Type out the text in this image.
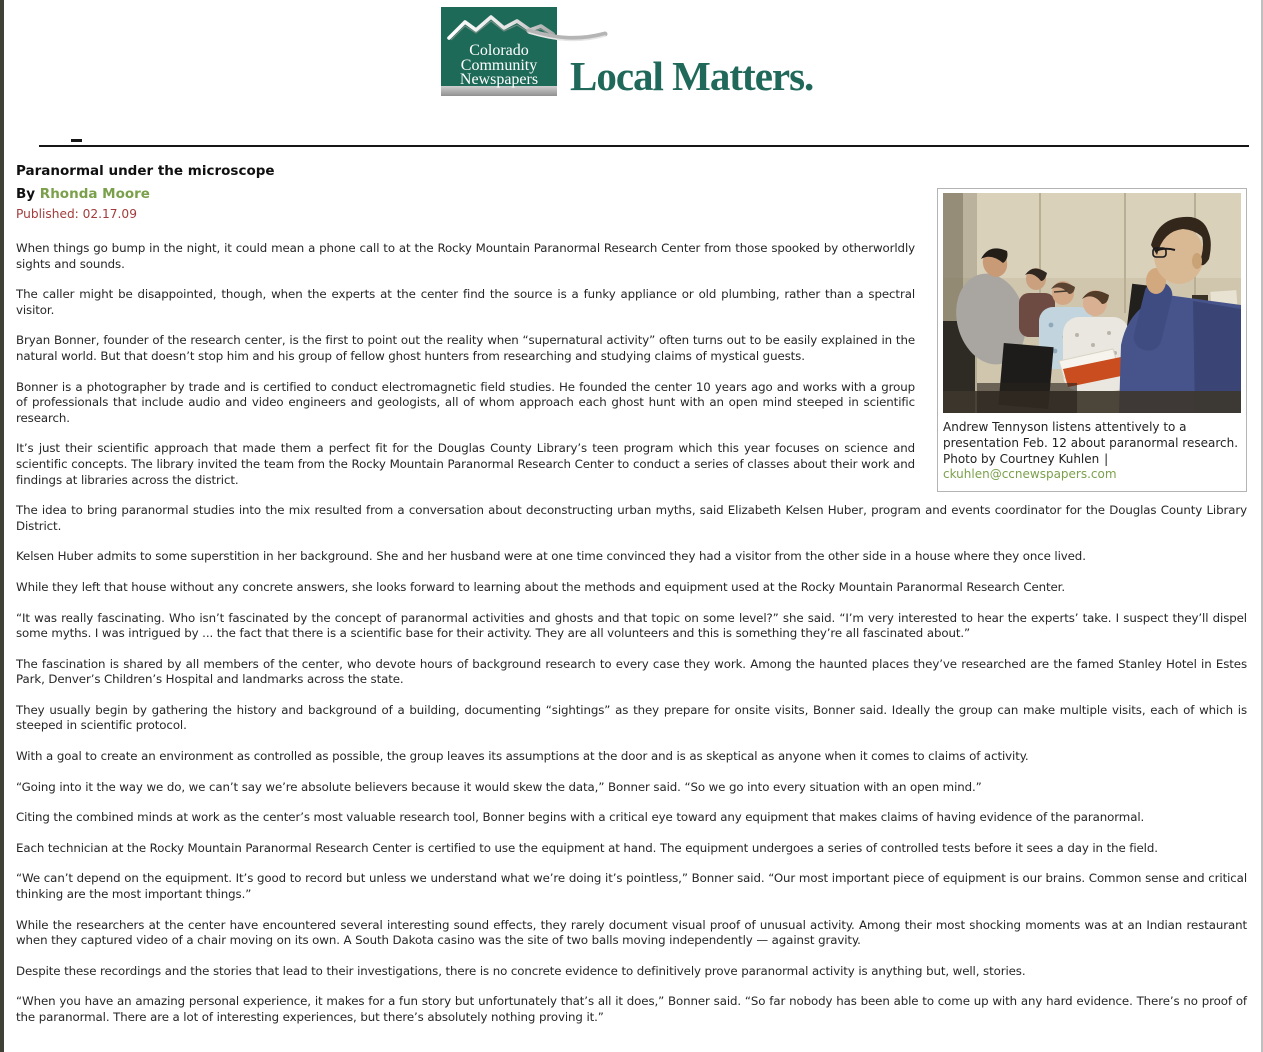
Colorado
Community
Newspapers Local Matters.
Paranormal under the microscope
Andrew Tennyson listens attentively to a presentation Feb. 12 about paranormal research. Photo by Courtney Kuhlen | ckuhlen@ccnewspapers.com
By Rhonda Moore
Published: 02.17.09

When things go bump in the night, it could mean a phone call to at the Rocky Mountain Paranormal Research Center from those spooked by otherworldly sights and sounds.

The caller might be disappointed, though, when the experts at the center find the source is a funky appliance or old plumbing, rather than a spectral visitor.

Bryan Bonner, founder of the research center, is the first to point out the reality when “supernatural activity” often turns out to be easily explained in the natural world. But that doesn’t stop him and his group of fellow ghost hunters from researching and studying claims of mystical guests.

Bonner is a photographer by trade and is certified to conduct electromagnetic field studies. He founded the center 10 years ago and works with a group of professionals that include audio and video engineers and geologists, all of whom approach each ghost hunt with an open mind steeped in scientific research.

It’s just their scientific approach that made them a perfect fit for the Douglas County Library’s teen program which this year focuses on science and scientific concepts. The library invited the team from the Rocky Mountain Paranormal Research Center to conduct a series of classes about their work and findings at libraries across the district.

The idea to bring paranormal studies into the mix resulted from a conversation about deconstructing urban myths, said Elizabeth Kelsen Huber, program and events coordinator for the Douglas County Library District.

Kelsen Huber admits to some superstition in her background. She and her husband were at one time convinced they had a visitor from the other side in a house where they once lived.

While they left that house without any concrete answers, she looks forward to learning about the methods and equipment used at the Rocky Mountain Paranormal Research Center.

“It was really fascinating. Who isn’t fascinated by the concept of paranormal activities and ghosts and that topic on some level?” she said. “I’m very interested to hear the experts’ take. I suspect they’ll dispel some myths. I was intrigued by ... the fact that there is a scientific base for their activity. They are all volunteers and this is something they’re all fascinated about.”

The fascination is shared by all members of the center, who devote hours of background research to every case they work. Among the haunted places they’ve researched are the famed Stanley Hotel in Estes Park, Denver’s Children’s Hospital and landmarks across the state.

They usually begin by gathering the history and background of a building, documenting “sightings” as they prepare for onsite visits, Bonner said. Ideally the group can make multiple visits, each of which is steeped in scientific protocol.

With a goal to create an environment as controlled as possible, the group leaves its assumptions at the door and is as skeptical as anyone when it comes to claims of activity.

“Going into it the way we do, we can’t say we’re absolute believers because it would skew the data,” Bonner said. “So we go into every situation with an open mind.”

Citing the combined minds at work as the center’s most valuable research tool, Bonner begins with a critical eye toward any equipment that makes claims of having evidence of the paranormal.

Each technician at the Rocky Mountain Paranormal Research Center is certified to use the equipment at hand. The equipment undergoes a series of controlled tests before it sees a day in the field.

“We can’t depend on the equipment. It’s good to record but unless we understand what we’re doing it’s pointless,” Bonner said. “Our most important piece of equipment is our brains. Common sense and critical thinking are the most important things.”

While the researchers at the center have encountered several interesting sound effects, they rarely document visual proof of unusual activity. Among their most shocking moments was at an Indian restaurant when they captured video of a chair moving on its own. A South Dakota casino was the site of two balls moving independently — against gravity.

Despite these recordings and the stories that lead to their investigations, there is no concrete evidence to definitively prove paranormal activity is anything but, well, stories.

“When you have an amazing personal experience, it makes for a fun story but unfortunately that’s all it does,” Bonner said. “So far nobody has been able to come up with any hard evidence. There’s no proof of the paranormal. There are a lot of interesting experiences, but there’s absolutely nothing proving it.”
